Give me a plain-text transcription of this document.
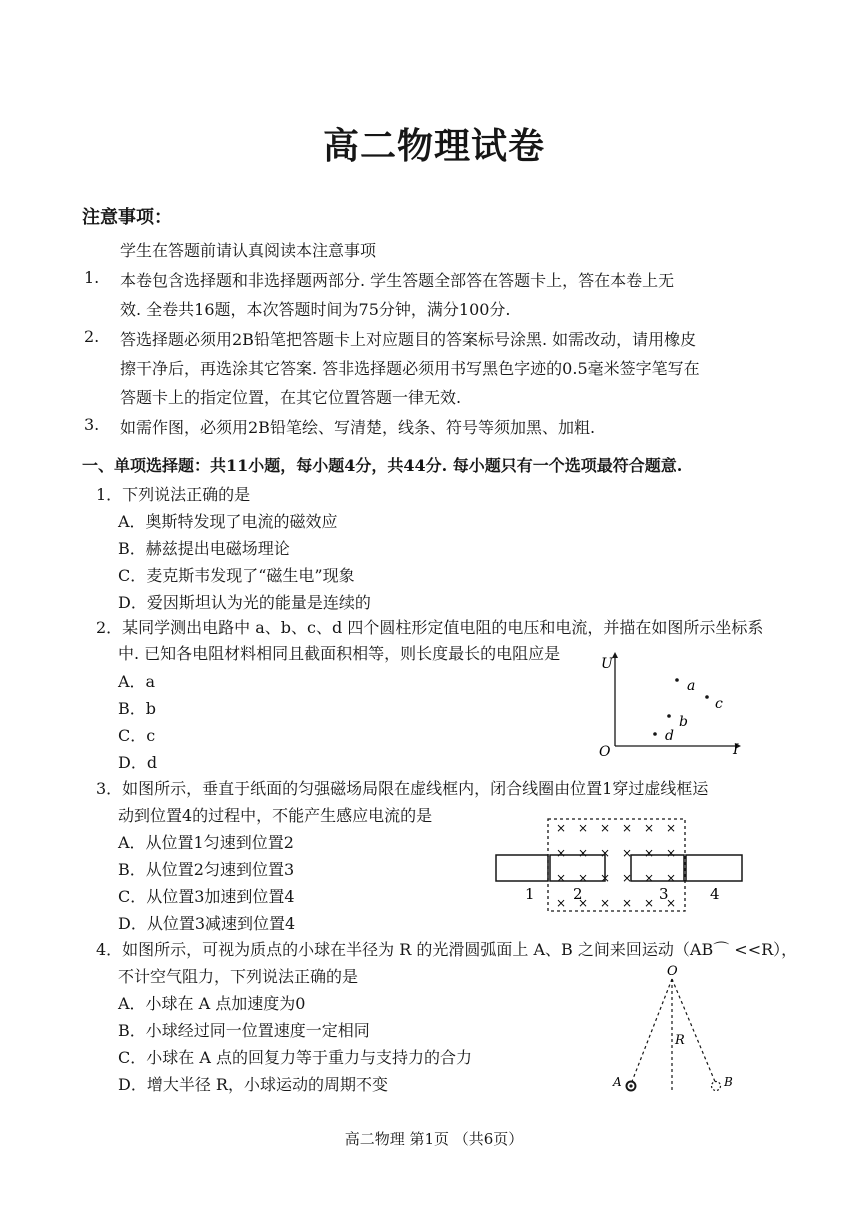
高二物理试卷
注意事项：
学生在答题前请认真阅读本注意事项
1. 本卷包含选择题和非选择题两部分. 学生答题全部答在答题卡上，答在本卷上无
效. 全卷共16题，本次答题时间为75分钟，满分100分.
2. 答选择题必须用2B铅笔把答题卡上对应题目的答案标号涂黑. 如需改动，请用橡皮
擦干净后，再选涂其它答案. 答非选择题必须用书写黑色字迹的0.5毫米签字笔写在
答题卡上的指定位置，在其它位置答题一律无效.
3. 如需作图，必须用2B铅笔绘、写清楚，线条、符号等须加黑、加粗.
一、单项选择题：共11小题，每小题4分，共44分. 每小题只有一个选项最符合题意.
1．下列说法正确的是
A．奥斯特发现了电流的磁效应
B．赫兹提出电磁场理论
C．麦克斯韦发现了“磁生电”现象
D．爱因斯坦认为光的能量是连续的
2．某同学测出电路中 a、b、c、d 四个圆柱形定值电阻的电压和电流，并描在如图所示坐标系
中. 已知各电阻材料相同且截面积相等，则长度最长的电阻应是
A．a
B．b
C．c
D．d
U
I
O
a
c
b
d
3．如图所示，垂直于纸面的匀强磁场局限在虚线框内，闭合线圈由位置1穿过虚线框运
动到位置4的过程中，不能产生感应电流的是
A．从位置1匀速到位置2
B．从位置2匀速到位置3
C．从位置3加速到位置4
D．从位置3减速到位置4
× × × × × ×
× × × × × ×
× × × × × ×
× × × × × ×
1	2	3	4
4．如图所示，可视为质点的小球在半径为 R 的光滑圆弧面上 A、B 之间来回运动（AB⌒ <<R），
不计空气阻力，下列说法正确的是
A．小球在 A 点加速度为0
B．小球经过同一位置速度一定相同
C．小球在 A 点的回复力等于重力与支持力的合力
D．增大半径 R，小球运动的周期不变
O
R
A	B
高二物理 第1页 （共6页）
